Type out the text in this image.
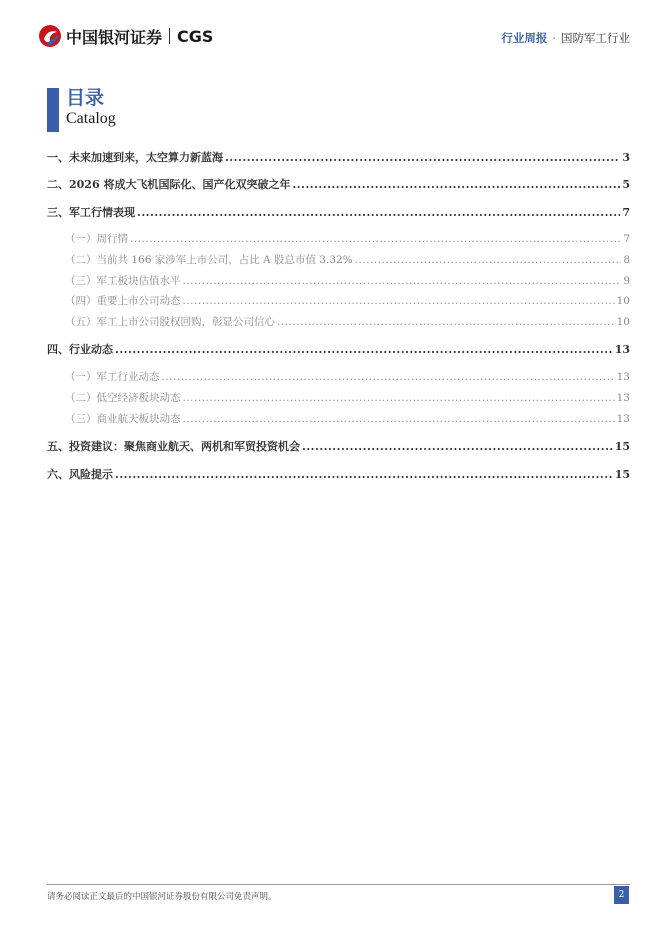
中国银河证券 CGS	行业周报 · 国防军工行业
目录
Catalog
一、 未来加速到来，太空算力新蓝海 .....	3
二、 2026 将成大飞机国际化、国产化双突破之年 .....	5
三、 军工行情表现 .....	7
（一） 周行情 .....	7
（二） 当前共 166 家涉军上市公司，占比 A 股总市值 3.32% .....	8
（三） 军工板块估值水平 .....	9
（四） 重要上市公司动态 .....	10
（五） 军工上市公司股权回购，彰显公司信心 .....	10
四、 行业动态 .....	13
（一） 军工行业动态 .....	13
（二） 低空经济板块动态 .....	13
（三） 商业航天板块动态 .....	13
五、 投资建议：聚焦商业航天、两机和军贸投资机会 .....	15
六、 风险提示 .....	15
请务必阅读正文最后的中国银河证券股份有限公司免责声明。	2
